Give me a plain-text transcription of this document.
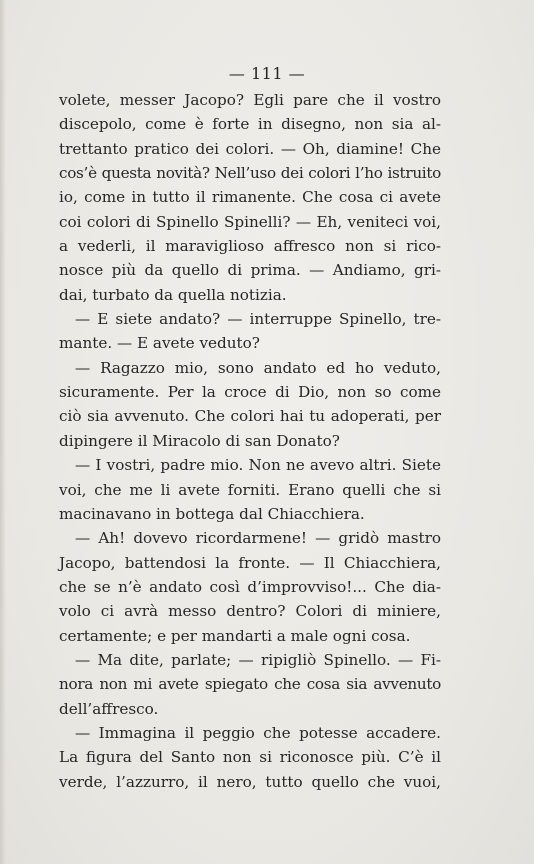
— 111 —
volete, messer Jacopo? Egli pare che il vostro
discepolo, come è forte in disegno, non sia al-
trettanto pratico dei colori. — Oh, diamine! Che
cos’è questa novità? Nell’uso dei colori l’ho istruito
io, come in tutto il rimanente. Che cosa ci avete
coi colori di Spinello Spinelli? — Eh, veniteci voi,
a vederli, il maraviglioso affresco non si rico-
nosce più da quello di prima. — Andiamo, gri-
dai, turbato da quella notizia.
— E siete andato? — interruppe Spinello, tre-
mante. — E avete veduto?
— Ragazzo mio, sono andato ed ho veduto,
sicuramente. Per la croce di Dio, non so come
ciò sia avvenuto. Che colori hai tu adoperati, per
dipingere il Miracolo di san Donato?
— I vostri, padre mio. Non ne avevo altri. Siete
voi, che me li avete forniti. Erano quelli che si
macinavano in bottega dal Chiacchiera.
— Ah! dovevo ricordarmene! — gridò mastro
Jacopo, battendosi la fronte. — Il Chiacchiera,
che se n’è andato così d’improvviso!... Che dia-
volo ci avrà messo dentro? Colori di miniere,
certamente; e per mandarti a male ogni cosa.
— Ma dite, parlate; — ripigliò Spinello. — Fi-
nora non mi avete spiegato che cosa sia avvenuto
dell’affresco.
— Immagina il peggio che potesse accadere.
La figura del Santo non si riconosce più. C’è il
verde, l’azzurro, il nero, tutto quello che vuoi,
